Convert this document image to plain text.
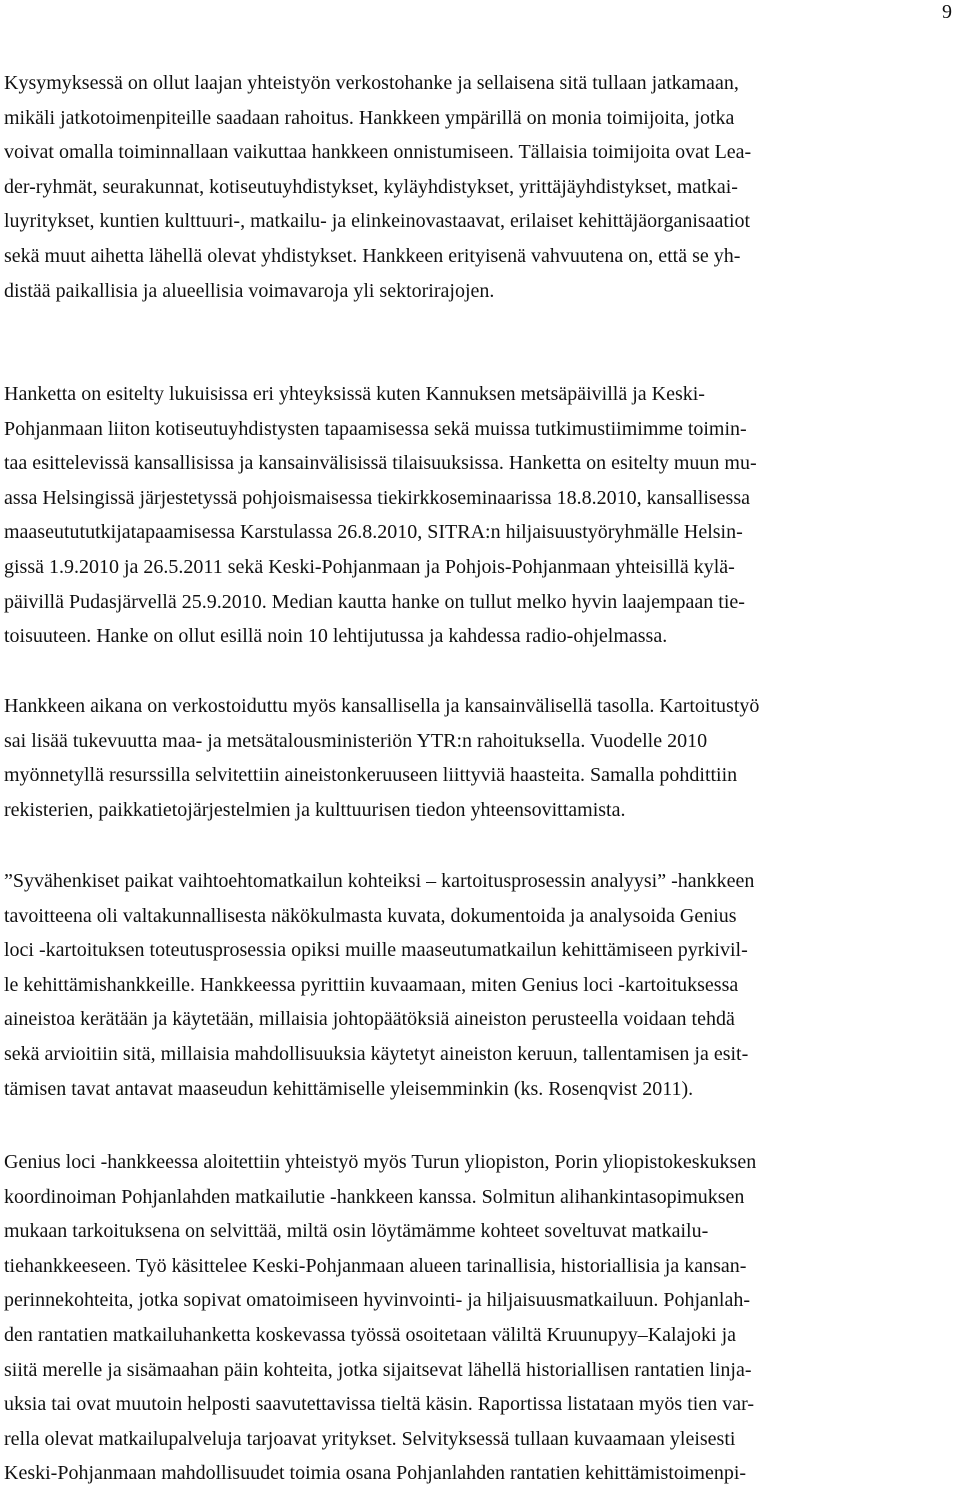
9

Kysymyksessä on ollut laajan yhteistyön verkostohanke ja sellaisena sitä tullaan jatkamaan,
mikäli jatkotoimenpiteille saadaan rahoitus. Hankkeen ympärillä on monia toimijoita, jotka
voivat omalla toiminnallaan vaikuttaa hankkeen onnistumiseen. Tällaisia toimijoita ovat Lea-
der-ryhmät, seurakunnat, kotiseutuyhdistykset, kyläyhdistykset, yrittäjäyhdistykset, matkai-
luyritykset, kuntien kulttuuri-, matkailu- ja elinkeinovastaavat, erilaiset kehittäjäorganisaatiot
sekä muut aihetta lähellä olevat yhdistykset. Hankkeen erityisenä vahvuutena on, että se yh-
distää paikallisia ja alueellisia voimavaroja yli sektorirajojen.

Hanketta on esitelty lukuisissa eri yhteyksissä kuten Kannuksen metsäpäivillä ja Keski-
Pohjanmaan liiton kotiseutuyhdistysten tapaamisessa sekä muissa tutkimustiimimme toimin-
taa esittelevissä kansallisissa ja kansainvälisissä tilaisuuksissa. Hanketta on esitelty muun mu-
assa Helsingissä järjestetyssä pohjoismaisessa tiekirkkoseminaarissa 18.8.2010, kansallisessa
maaseutututkijatapaamisessa Karstulassa 26.8.2010, SITRA:n hiljaisuustyöryhmälle Helsin-
gissä 1.9.2010 ja 26.5.2011 sekä Keski-Pohjanmaan ja Pohjois-Pohjanmaan yhteisillä kylä-
päivillä Pudasjärvellä 25.9.2010. Median kautta hanke on tullut melko hyvin laajempaan tie-
toisuuteen. Hanke on ollut esillä noin 10 lehtijutussa ja kahdessa radio-ohjelmassa.

Hankkeen aikana on verkostoiduttu myös kansallisella ja kansainvälisellä tasolla. Kartoitustyö
sai lisää tukevuutta maa- ja metsätalousministeriön YTR:n rahoituksella. Vuodelle 2010
myönnetyllä resurssilla selvitettiin aineistonkeruuseen liittyviä haasteita. Samalla pohdittiin
rekisterien, paikkatietojärjestelmien ja kulttuurisen tiedon yhteensovittamista.

”Syvähenkiset paikat vaihtoehtomatkailun kohteiksi – kartoitusprosessin analyysi” -hankkeen
tavoitteena oli valtakunnallisesta näkökulmasta kuvata, dokumentoida ja analysoida Genius
loci -kartoituksen toteutusprosessia opiksi muille maaseutumatkailun kehittämiseen pyrkivil-
le kehittämishankkeille. Hankkeessa pyrittiin kuvaamaan, miten Genius loci -kartoituksessa
aineistoa kerätään ja käytetään, millaisia johtopäätöksiä aineiston perusteella voidaan tehdä
sekä arvioitiin sitä, millaisia mahdollisuuksia käytetyt aineiston keruun, tallentamisen ja esit-
tämisen tavat antavat maaseudun kehittämiselle yleisemminkin (ks. Rosenqvist 2011).

Genius loci -hankkeessa aloitettiin yhteistyö myös Turun yliopiston, Porin yliopistokeskuksen
koordinoiman Pohjanlahden matkailutie -hankkeen kanssa. Solmitun alihankintasopimuksen
mukaan tarkoituksena on selvittää, miltä osin löytämämme kohteet soveltuvat matkailu-
tiehankkeeseen. Työ käsittelee Keski-Pohjanmaan alueen tarinallisia, historiallisia ja kansan-
perinnekohteita, jotka sopivat omatoimiseen hyvinvointi- ja hiljaisuusmatkailuun. Pohjanlah-
den rantatien matkailuhanketta koskevassa työssä osoitetaan väliltä Kruunupyy–Kalajoki ja
siitä merelle ja sisämaahan päin kohteita, jotka sijaitsevat lähellä historiallisen rantatien linja-
uksia tai ovat muutoin helposti saavutettavissa tieltä käsin. Raportissa listataan myös tien var-
rella olevat matkailupalveluja tarjoavat yritykset. Selvityksessä tullaan kuvaamaan yleisesti
Keski-Pohjanmaan mahdollisuudet toimia osana Pohjanlahden rantatien kehittämistoimenpi-
